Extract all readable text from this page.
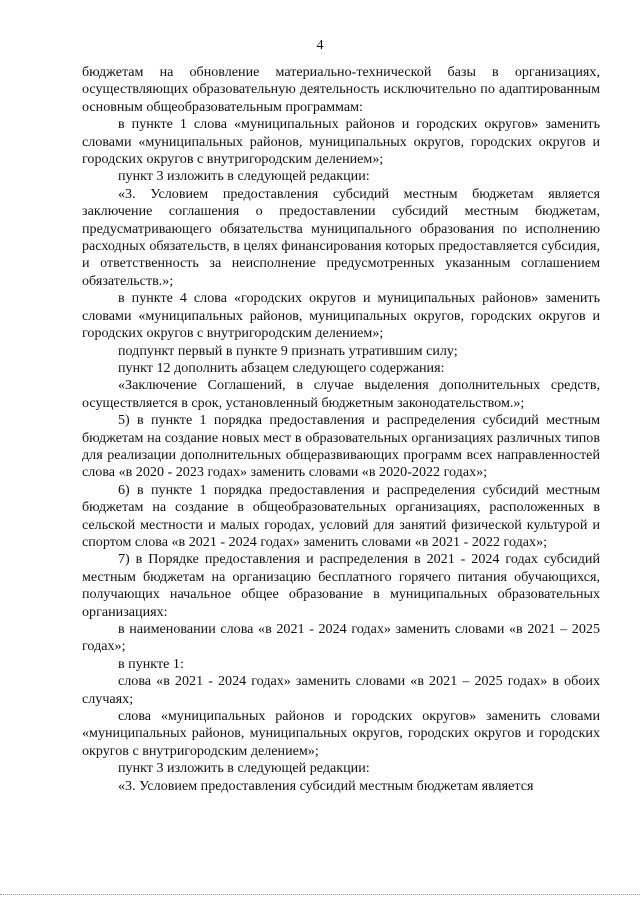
4

бюджетам на обновление материально-технической базы в организациях, осуществляющих образовательную деятельность исключительно по адаптированным основным общеобразовательным программам:

в пункте 1 слова «муниципальных районов и городских округов» заменить словами «муниципальных районов, муниципальных округов, городских округов и городских округов с внутригородским делением»;

пункт 3 изложить в следующей редакции:

«3. Условием предоставления субсидий местным бюджетам является заключение соглашения о предоставлении субсидий местным бюджетам, предусматривающего обязательства муниципального образования по исполнению расходных обязательств, в целях финансирования которых предоставляется субсидия, и ответственность за неисполнение предусмотренных указанным соглашением обязательств.»;

в пункте 4 слова «городских округов и муниципальных районов» заменить словами «муниципальных районов, муниципальных округов, городских округов и городских округов с внутригородским делением»;

подпункт первый в пункте 9 признать утратившим силу;

пункт 12 дополнить абзацем следующего содержания:

«Заключение Соглашений, в случае выделения дополнительных средств, осуществляется в срок, установленный бюджетным законодательством.»;

5) в пункте 1 порядка предоставления и распределения субсидий местным бюджетам на создание новых мест в образовательных организациях различных типов для реализации дополнительных общеразвивающих программ всех направленностей слова «в 2020 - 2023 годах» заменить словами «в 2020-2022 годах»;

6) в пункте 1 порядка предоставления и распределения субсидий местным бюджетам на создание в общеобразовательных организациях, расположенных в сельской местности и малых городах, условий для занятий физической культурой и спортом слова «в 2021 - 2024 годах» заменить словами «в 2021 - 2022 годах»;

7) в Порядке предоставления и распределения в 2021 - 2024 годах субсидий местным бюджетам на организацию бесплатного горячего питания обучающихся, получающих начальное общее образование в муниципальных образовательных организациях:

в наименовании слова «в 2021 - 2024 годах» заменить словами «в 2021 – 2025 годах»;

в пункте 1:

слова «в 2021 - 2024 годах» заменить словами «в 2021 – 2025 годах» в обоих случаях;

слова «муниципальных районов и городских округов» заменить словами «муниципальных районов, муниципальных округов, городских округов и городских округов с внутригородским делением»;

пункт 3 изложить в следующей редакции:

«3. Условием предоставления субсидий местным бюджетам является
